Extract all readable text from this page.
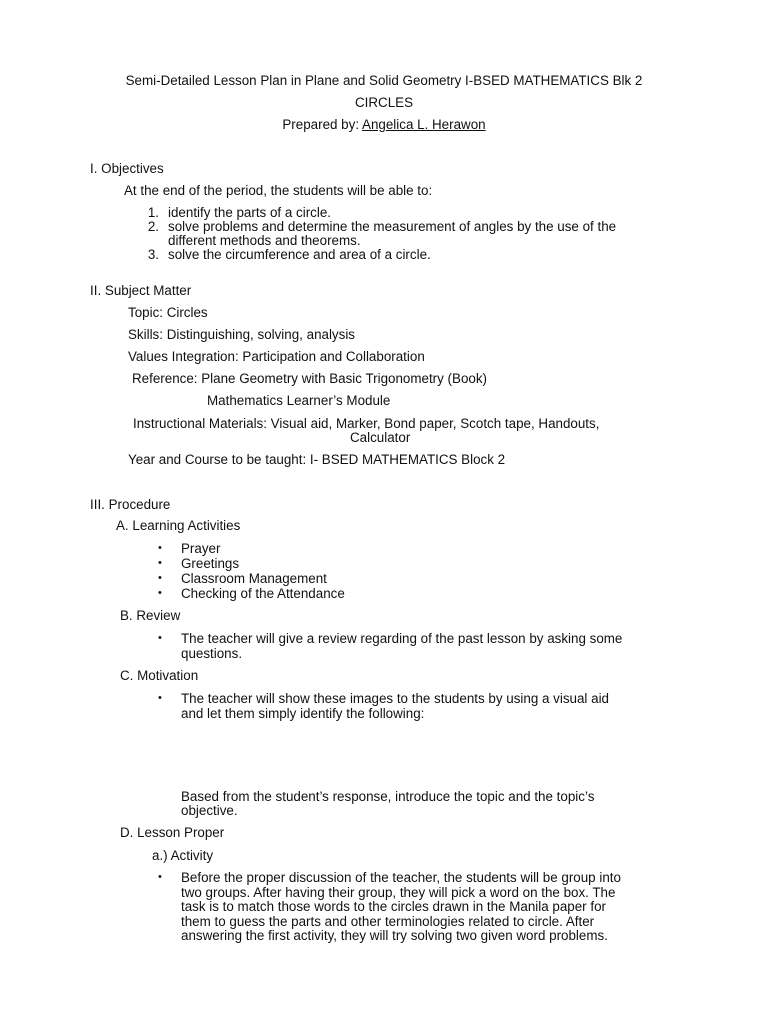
Semi-Detailed Lesson Plan in Plane and Solid Geometry I-BSED MATHEMATICS Blk 2
CIRCLES
Prepared by: Angelica L. Herawon
I. Objectives
At the end of the period, the students will be able to:
1. identify the parts of a circle.
2. solve problems and determine the measurement of angles by the use of the
different methods and theorems.
3. solve the circumference and area of a circle.
II. Subject Matter
Topic: Circles
Skills: Distinguishing, solving, analysis
Values Integration: Participation and Collaboration
Reference: Plane Geometry with Basic Trigonometry (Book)
Mathematics Learner’s Module
Instructional Materials: Visual aid, Marker, Bond paper, Scotch tape, Handouts,
Calculator
Year and Course to be taught: I- BSED MATHEMATICS Block 2
III. Procedure
A. Learning Activities
• Prayer
• Greetings
• Classroom Management
• Checking of the Attendance
B. Review
• The teacher will give a review regarding of the past lesson by asking some
questions.
C. Motivation
• The teacher will show these images to the students by using a visual aid
and let them simply identify the following:
Based from the student’s response, introduce the topic and the topic’s
objective.
D. Lesson Proper
a.) Activity
• Before the proper discussion of the teacher, the students will be group into
two groups. After having their group, they will pick a word on the box. The
task is to match those words to the circles drawn in the Manila paper for
them to guess the parts and other terminologies related to circle. After
answering the first activity, they will try solving two given word problems.
